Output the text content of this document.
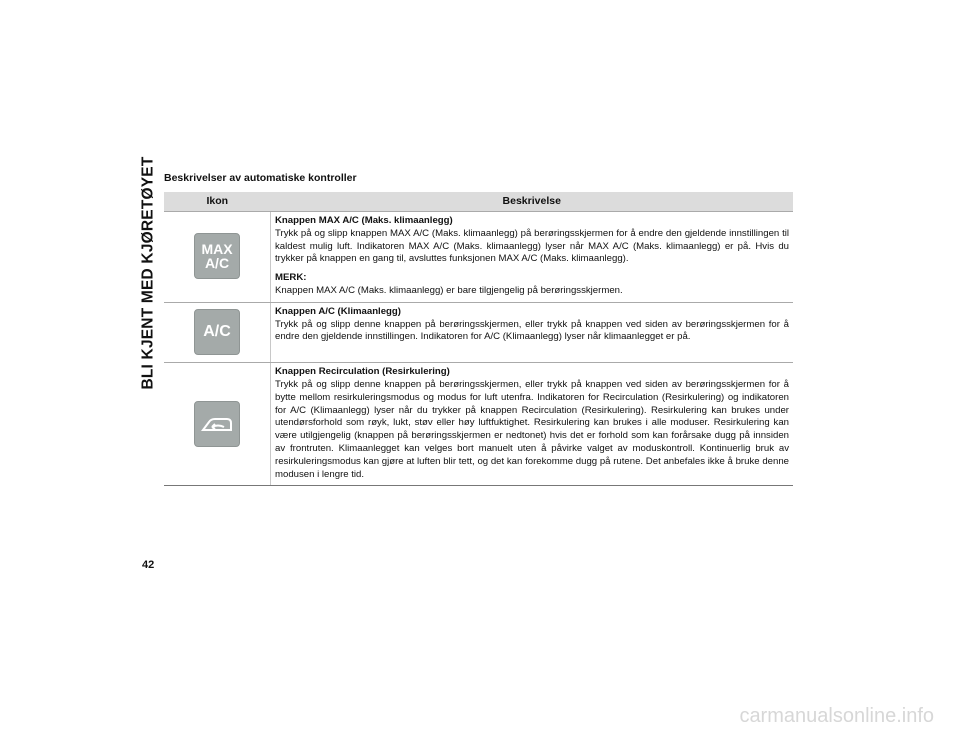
BLI KJENT MED KJØRETØYET Beskrivelser av automatiske kontroller
Ikon	Beskrivelse

MAX
A/C	Knappen MAX A/C (Maks. klimaanlegg)
Trykk på og slipp knappen MAX A/C (Maks. klimaanlegg) på berøringsskjermen for å endre den gjeldende innstillingen til kaldest mulig luft. Indikatoren MAX A/C (Maks. klimaanlegg) lyser når MAX A/C (Maks. klimaanlegg) er på. Hvis du trykker på knappen en gang til, avsluttes funksjonen MAX A/C (Maks. klimaanlegg).
MERK:
Knappen MAX A/C (Maks. klimaanlegg) er bare tilgjengelig på berøringsskjermen.

A/C	Knappen A/C (Klimaanlegg)
Trykk på og slipp denne knappen på berøringsskjermen, eller trykk på knappen ved siden av berøringsskjermen for å endre den gjeldende innstillingen. Indikatoren for A/C (Klimaanlegg) lyser når klimaanlegget er på.

Knappen Recirculation (Resirkulering)
Trykk på og slipp denne knappen på berøringsskjermen, eller trykk på knappen ved siden av berøringsskjermen for å bytte mellom resirkuleringsmodus og modus for luft utenfra. Indikatoren for Recirculation (Resirkulering) og indikatoren for A/C (Klimaanlegg) lyser når du trykker på knappen Recirculation (Resirkulering). Resirkulering kan brukes under utendørsforhold som røyk, lukt, støv eller høy luftfuktighet. Resirkulering kan brukes i alle moduser. Resirkulering kan være utilgjengelig (knappen på berøringsskjermen er nedtonet) hvis det er forhold som kan forårsake dugg på innsiden av frontruten. Klimaanlegget kan velges bort manuelt uten å påvirke valget av moduskontroll. Kontinuerlig bruk av resirkuleringsmodus kan gjøre at luften blir tett, og det kan forekomme dugg på rutene. Det anbefales ikke å bruke denne modusen i lengre tid.
42
carmanualsonline.info
